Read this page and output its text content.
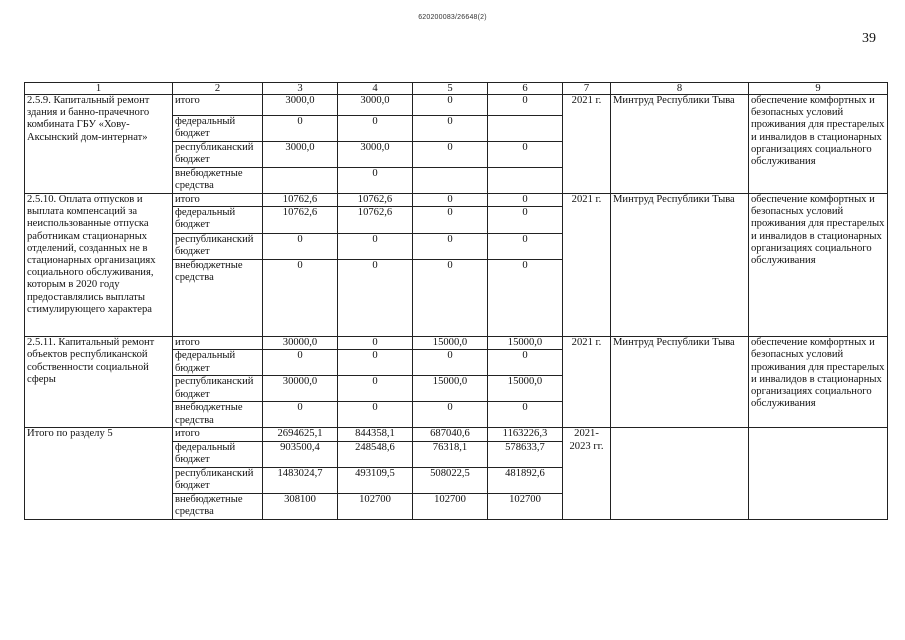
620200083/26648(2)
39
1	2	3	4	5	6	7	8	9
2.5.9. Капитальный ремонт здания и банно-прачечного комбината ГБУ «Хову-Аксынский дом-интернат»	итого	3000,0	3000,0	0	0	2021 г.	Минтруд Республики Тыва	обеспечение комфортных и безопасных условий проживания для престарелых и инвалидов в стационарных организациях социального обслуживания
	федеральный бюджет	0	0	0				
	республиканский бюджет	3000,0	3000,0	0	0			
	внебюджетные средства		0					
2.5.10. Оплата отпусков и выплата компенсаций за неиспользованные отпуска работникам стационарных отделений, созданных не в стационарных организациях социального обслуживания, которым в 2020 году предоставлялись выплаты стимулирующего характера	итого	10762,6	10762,6	0	0	2021 г.	Минтруд Республики Тыва	обеспечение комфортных и безопасных условий проживания для престарелых и инвалидов в стационарных организациях социального обслуживания
	федеральный бюджет	10762,6	10762,6	0	0			
	республиканский бюджет	0	0	0	0			
	внебюджетные средства	0	0	0	0			
2.5.11. Капитальный ремонт объектов республиканской собственности социальной сферы	итого	30000,0	0	15000,0	15000,0	2021 г.	Минтруд Республики Тыва	обеспечение комфортных и безопасных условий проживания для престарелых и инвалидов в стационарных организациях социального обслуживания
	федеральный бюджет	0	0	0	0			
	республиканский бюджет	30000,0	0	15000,0	15000,0			
	внебюджетные средства	0	0	0	0			
Итого по разделу 5	итого	2694625,1	844358,1	687040,6	1163226,3	2021-2023 гг.		
	федеральный бюджет	903500,4	248548,6	76318,1	578633,7			
	республиканский бюджет	1483024,7	493109,5	508022,5	481892,6			
	внебюджетные средства	308100	102700	102700	102700			
